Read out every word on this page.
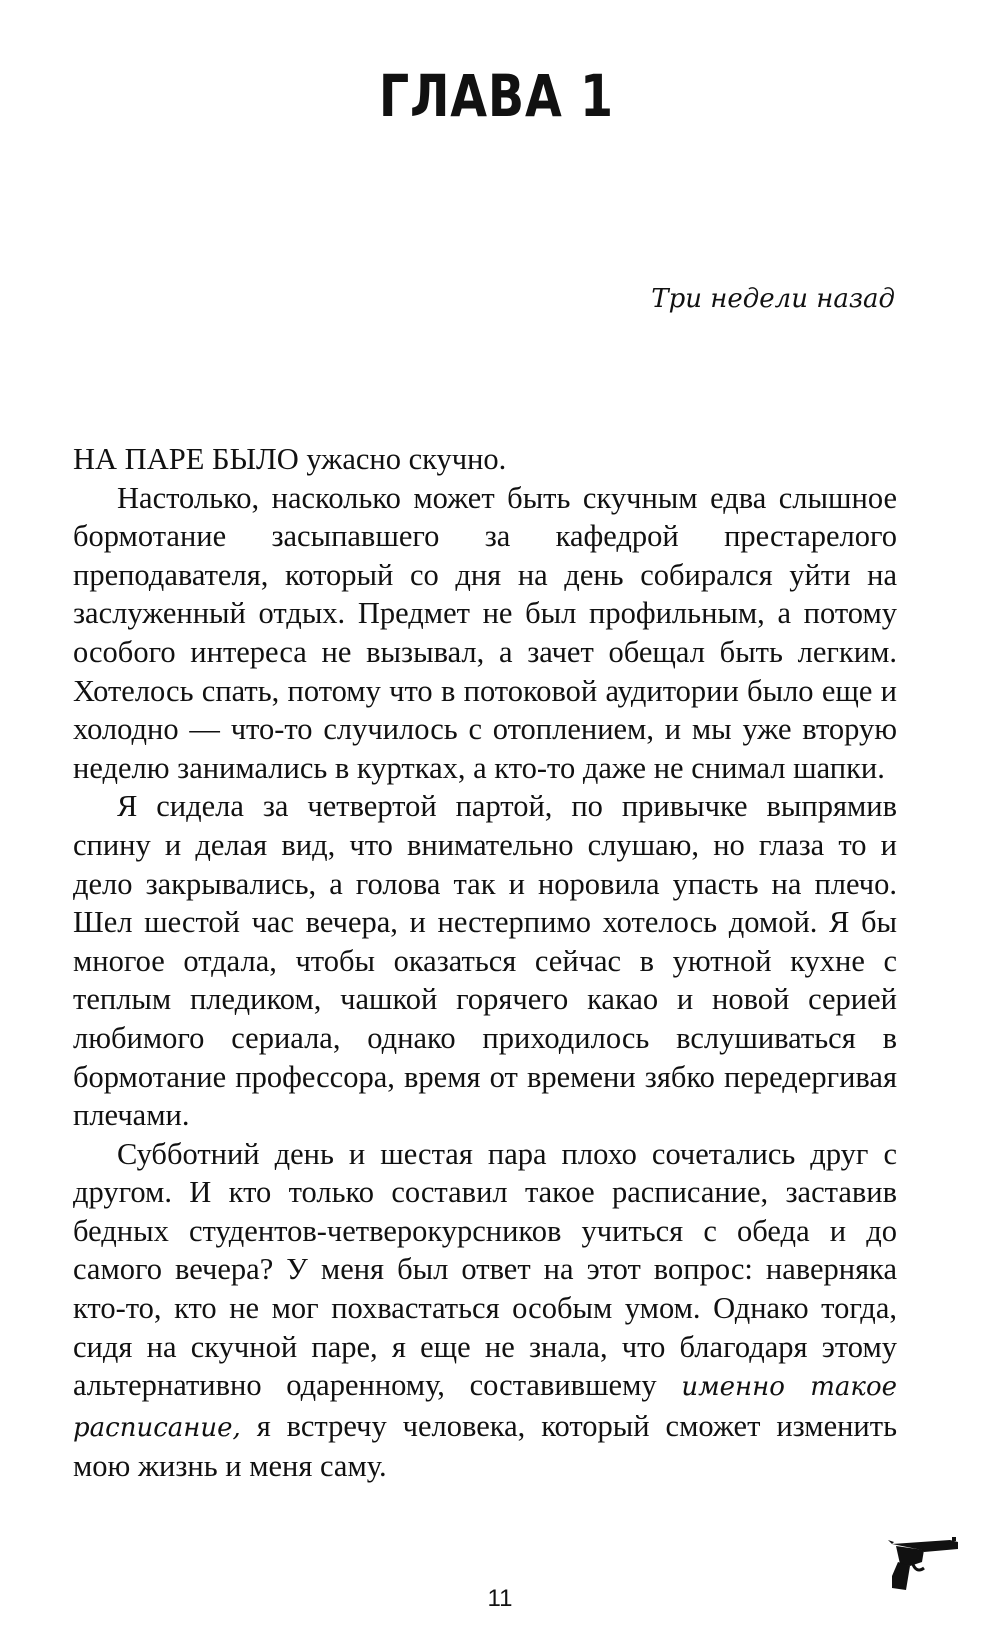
ГЛАВА 1

Три недели назад

НА ПАРЕ БЫЛО ужасно скучно.

Настолько, насколько может быть скучным едва слышное бормотание засыпавшего за кафедрой престарелого преподавателя, который со дня на день собирался уйти на заслуженный отдых. Предмет не был профильным, а потому особого интереса не вызывал, а зачет обещал быть легким. Хотелось спать, потому что в потоковой аудитории было еще и холодно — что-то случилось с отоплением, и мы уже вторую неделю занимались в куртках, а кто-то даже не снимал шапки.

Я сидела за четвертой партой, по привычке выпрямив спину и делая вид, что внимательно слушаю, но глаза то и дело закрывались, а голова так и норовила упасть на плечо. Шел шестой час вечера, и нестерпимо хотелось домой. Я бы многое отдала, чтобы оказаться сейчас в уютной кухне с теплым пледиком, чашкой горячего какао и новой серией любимого сериала, однако приходилось вслушиваться в бормотание профессора, время от времени зябко передергивая плечами.

Субботний день и шестая пара плохо сочетались друг с другом. И кто только составил такое расписание, заставив бедных студентов-четверокурсников учиться с обеда и до самого вечера? У меня был ответ на этот вопрос: наверняка кто-то, кто не мог похвастаться особым умом. Однако тогда, сидя на скучной паре, я еще не знала, что благодаря этому альтернативно одаренному, составившему именно такое расписание, я встречу человека, который сможет изменить мою жизнь и меня саму.

11
